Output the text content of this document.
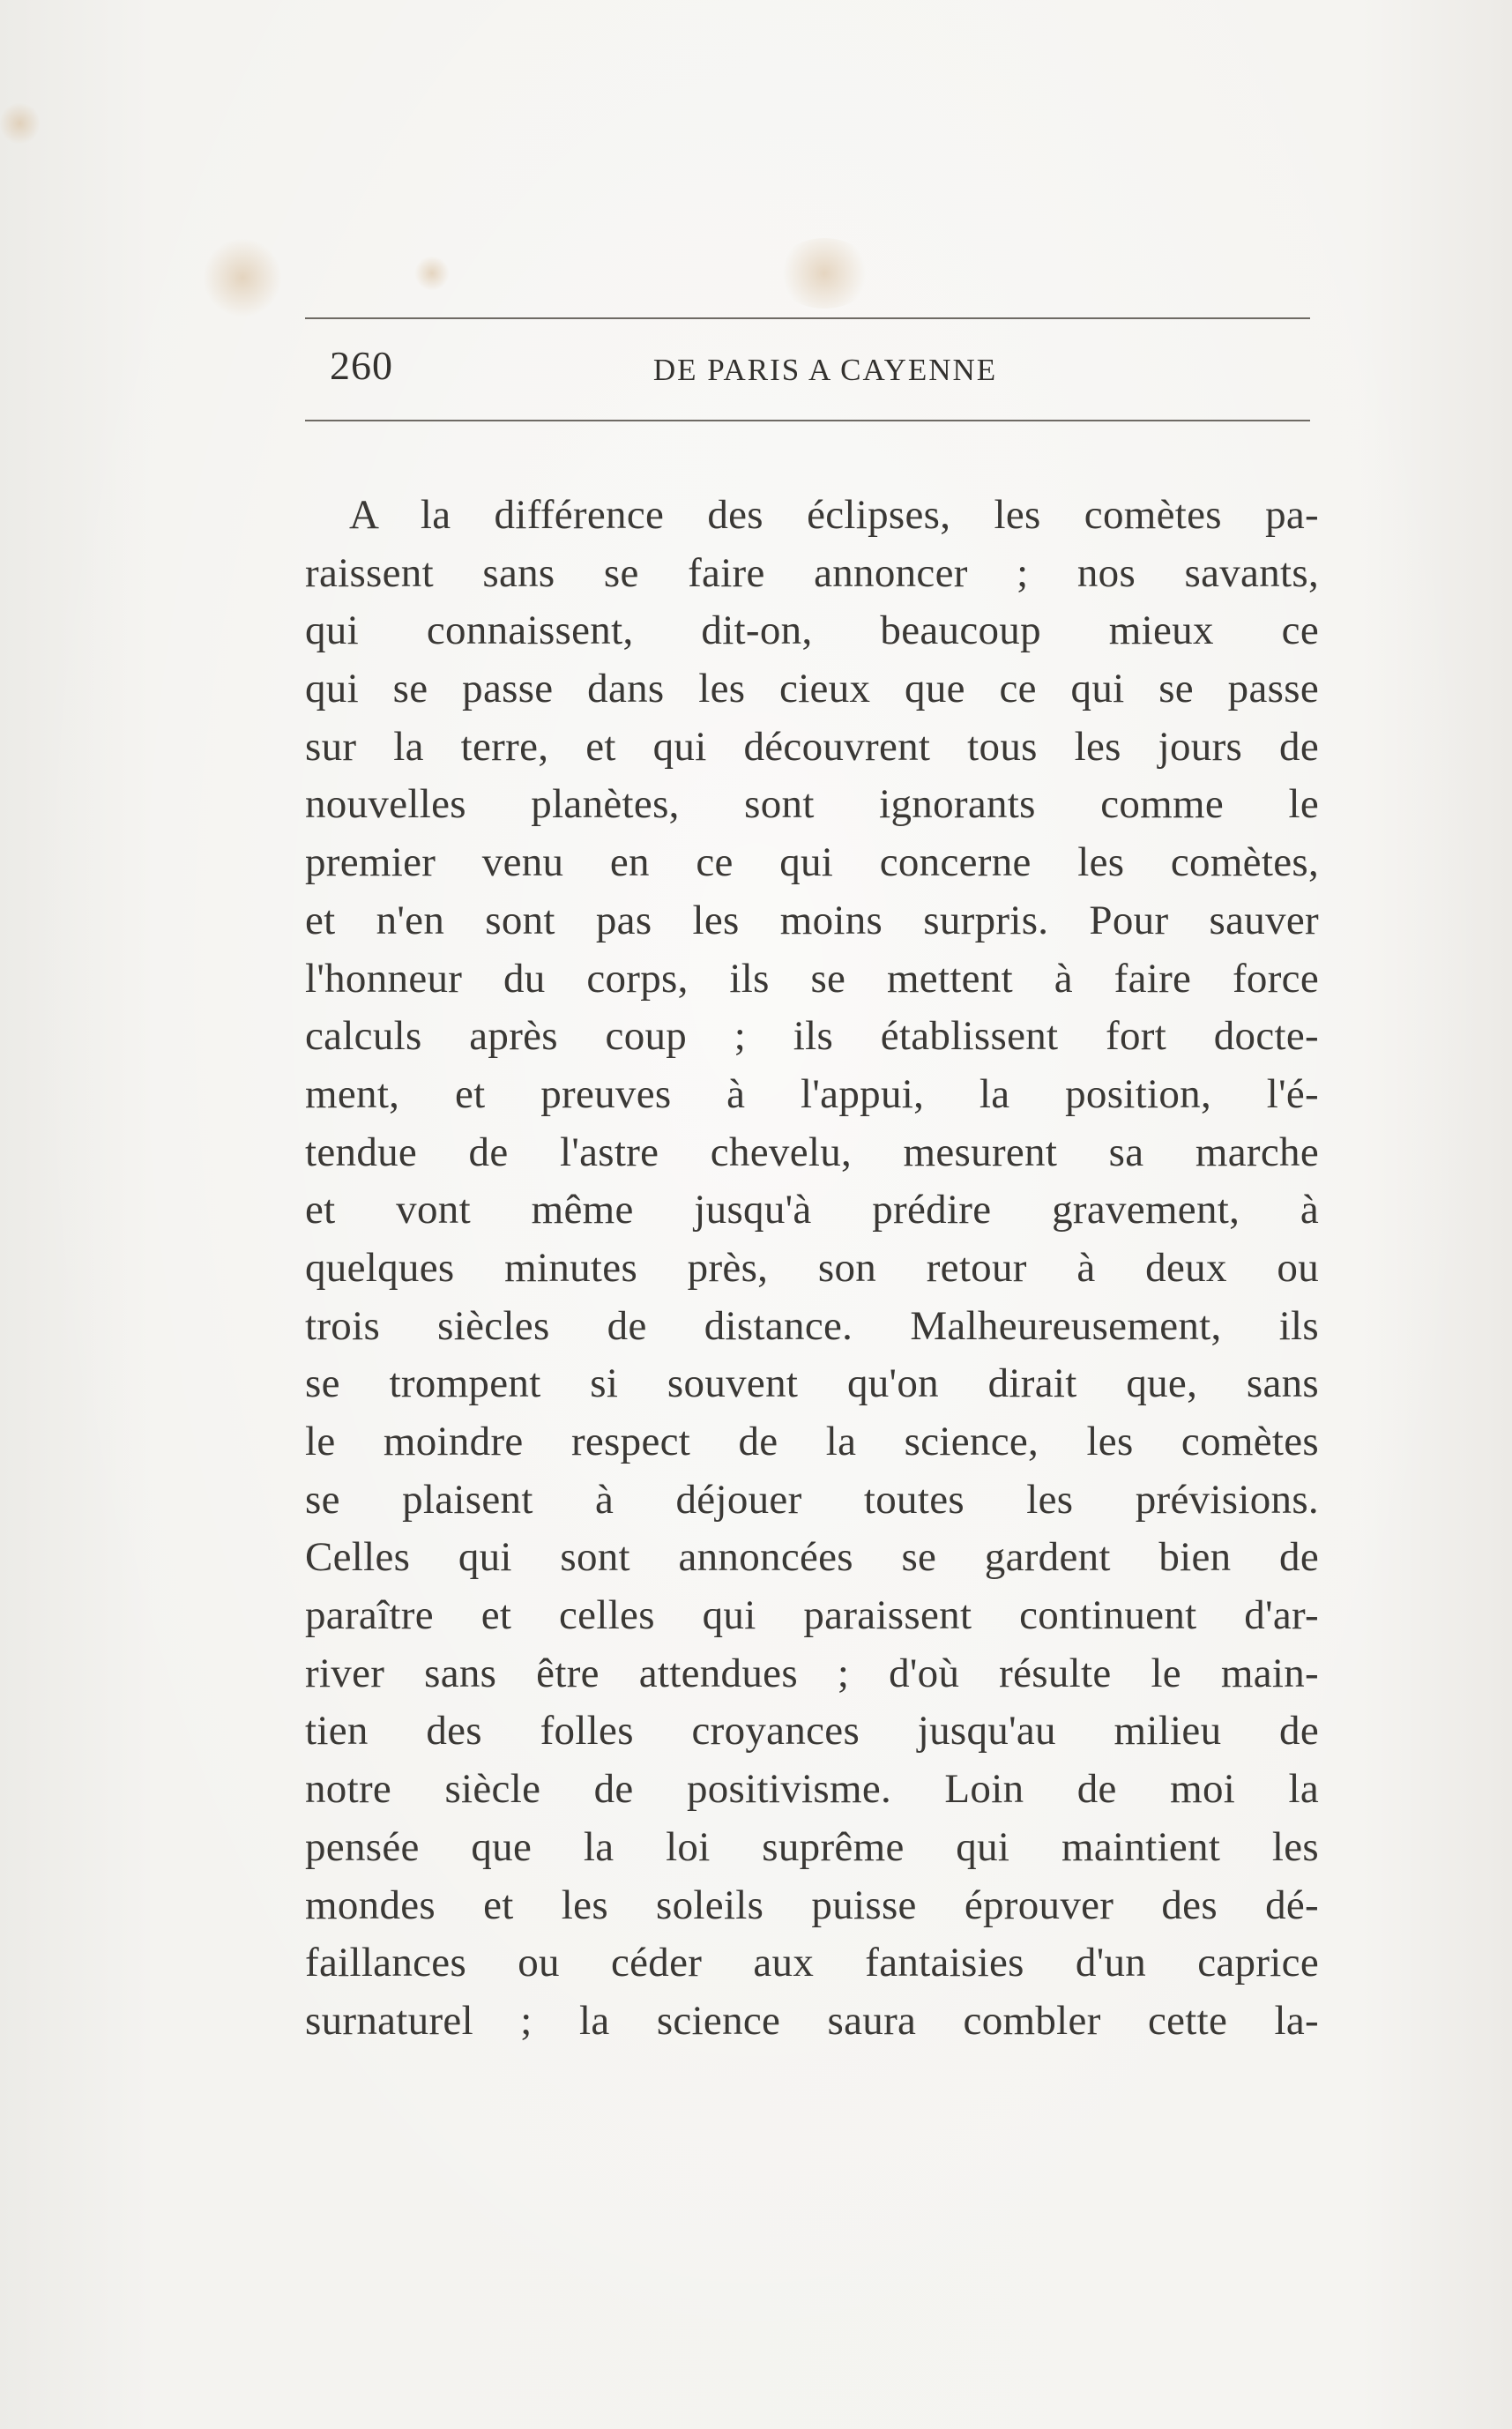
260	DE PARIS A CAYENNE
A la différence des éclipses, les comètes pa-
raissent sans se faire annoncer ; nos savants,
qui connaissent, dit-on, beaucoup mieux ce
qui se passe dans les cieux que ce qui se passe
sur la terre, et qui découvrent tous les jours de
nouvelles planètes, sont ignorants comme le
premier venu en ce qui concerne les comètes,
et n'en sont pas les moins surpris. Pour sauver
l'honneur du corps, ils se mettent à faire force
calculs après coup ; ils établissent fort docte-
ment, et preuves à l'appui, la position, l'é-
tendue de l'astre chevelu, mesurent sa marche
et vont même jusqu'à prédire gravement, à
quelques minutes près, son retour à deux ou
trois siècles de distance. Malheureusement, ils
se trompent si souvent qu'on dirait que, sans
le moindre respect de la science, les comètes
se plaisent à déjouer toutes les prévisions.
Celles qui sont annoncées se gardent bien de
paraître et celles qui paraissent continuent d'ar-
river sans être attendues ; d'où résulte le main-
tien des folles croyances jusqu'au milieu de
notre siècle de positivisme. Loin de moi la
pensée que la loi suprême qui maintient les
mondes et les soleils puisse éprouver des dé-
faillances ou céder aux fantaisies d'un caprice
surnaturel ; la science saura combler cette la-
